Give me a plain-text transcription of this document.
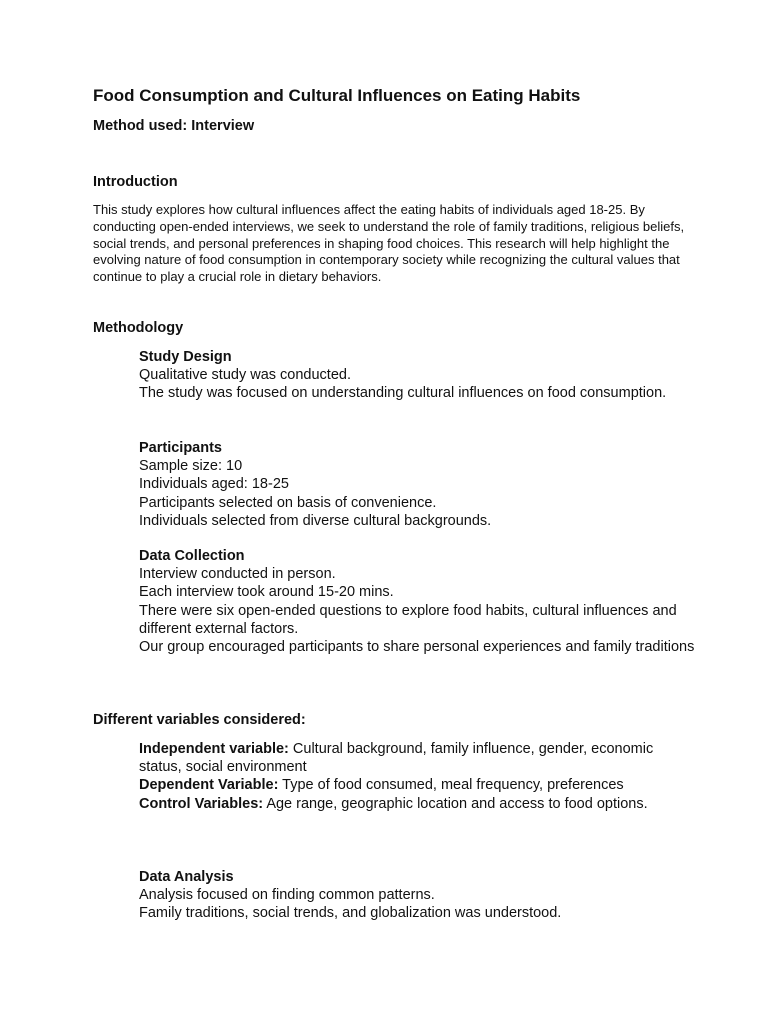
Food Consumption and Cultural Influences on Eating Habits

Method used: Interview

Introduction

This study explores how cultural influences affect the eating habits of individuals aged 18-25. By conducting open-ended interviews, we seek to understand the role of family traditions, religious beliefs, social trends, and personal preferences in shaping food choices. This research will help highlight the evolving nature of food consumption in contemporary society while recognizing the cultural values that continue to play a crucial role in dietary behaviors.

Methodology
Study Design
Qualitative study was conducted.
The study was focused on understanding cultural influences on food consumption.
Participants
Sample size: 10
Individuals aged: 18-25
Participants selected on basis of convenience.
Individuals selected from diverse cultural backgrounds.
Data Collection
Interview conducted in person.
Each interview took around 15-20 mins.
There were six open-ended questions to explore food habits, cultural influences and different external factors.
Our group encouraged participants to share personal experiences and family traditions
Different variables considered:
Independent variable: Cultural background, family influence, gender, economic status, social environment
Dependent Variable: Type of food consumed, meal frequency, preferences
Control Variables: Age range, geographic location and access to food options.
Data Analysis
Analysis focused on finding common patterns.
Family traditions, social trends, and globalization was understood.
